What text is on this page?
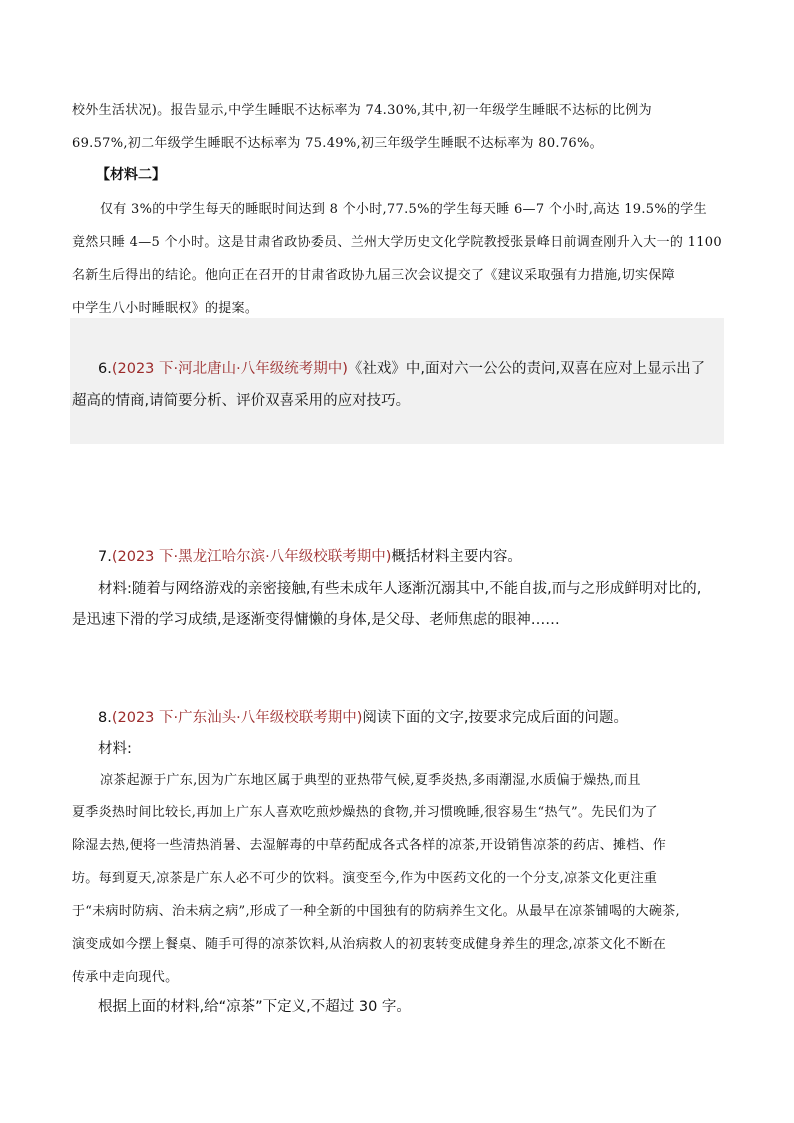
校外生活状况)。报告显示,中学生睡眠不达标率为 74.30%,其中,初一年级学生睡眠不达标的比例为
69.57%,初二年级学生睡眠不达标率为 75.49%,初三年级学生睡眠不达标率为 80.76%。
【材料二】
仅有 3%的中学生每天的睡眠时间达到 8 个小时,77.5%的学生每天睡 6—7 个小时,高达 19.5%的学生
竟然只睡 4—5 个小时。这是甘肃省政协委员、兰州大学历史文化学院教授张景峰日前调查刚升入大一的 1100
名新生后得出的结论。他向正在召开的甘肃省政协九届三次会议提交了《建议采取强有力措施,切实保障
中学生八小时睡眠权》的提案。
6.(2023 下·河北唐山·八年级统考期中)《社戏》中,面对六一公公的责问,双喜在应对上显示出了
超高的情商,请简要分析、评价双喜采用的应对技巧。
7.(2023 下·黑龙江哈尔滨·八年级校联考期中)概括材料主要内容。
材料:随着与网络游戏的亲密接触,有些未成年人逐渐沉溺其中,不能自拔,而与之形成鲜明对比的,
是迅速下滑的学习成绩,是逐渐变得慵懒的身体,是父母、老师焦虑的眼神……
8.(2023 下·广东汕头·八年级校联考期中)阅读下面的文字,按要求完成后面的问题。
材料:
凉茶起源于广东,因为广东地区属于典型的亚热带气候,夏季炎热,多雨潮湿,水质偏于燥热,而且
夏季炎热时间比较长,再加上广东人喜欢吃煎炒燥热的食物,并习惯晚睡,很容易生“热气”。先民们为了
除湿去热,便将一些清热消暑、去湿解毒的中草药配成各式各样的凉茶,开设销售凉茶的药店、摊档、作
坊。每到夏天,凉茶是广东人必不可少的饮料。演变至今,作为中医药文化的一个分支,凉茶文化更注重
于“未病时防病、治未病之病”,形成了一种全新的中国独有的防病养生文化。从最早在凉茶铺喝的大碗茶,
演变成如今摆上餐桌、随手可得的凉茶饮料,从治病救人的初衷转变成健身养生的理念,凉茶文化不断在
传承中走向现代。
根据上面的材料,给“凉茶”下定义,不超过 30 字。
